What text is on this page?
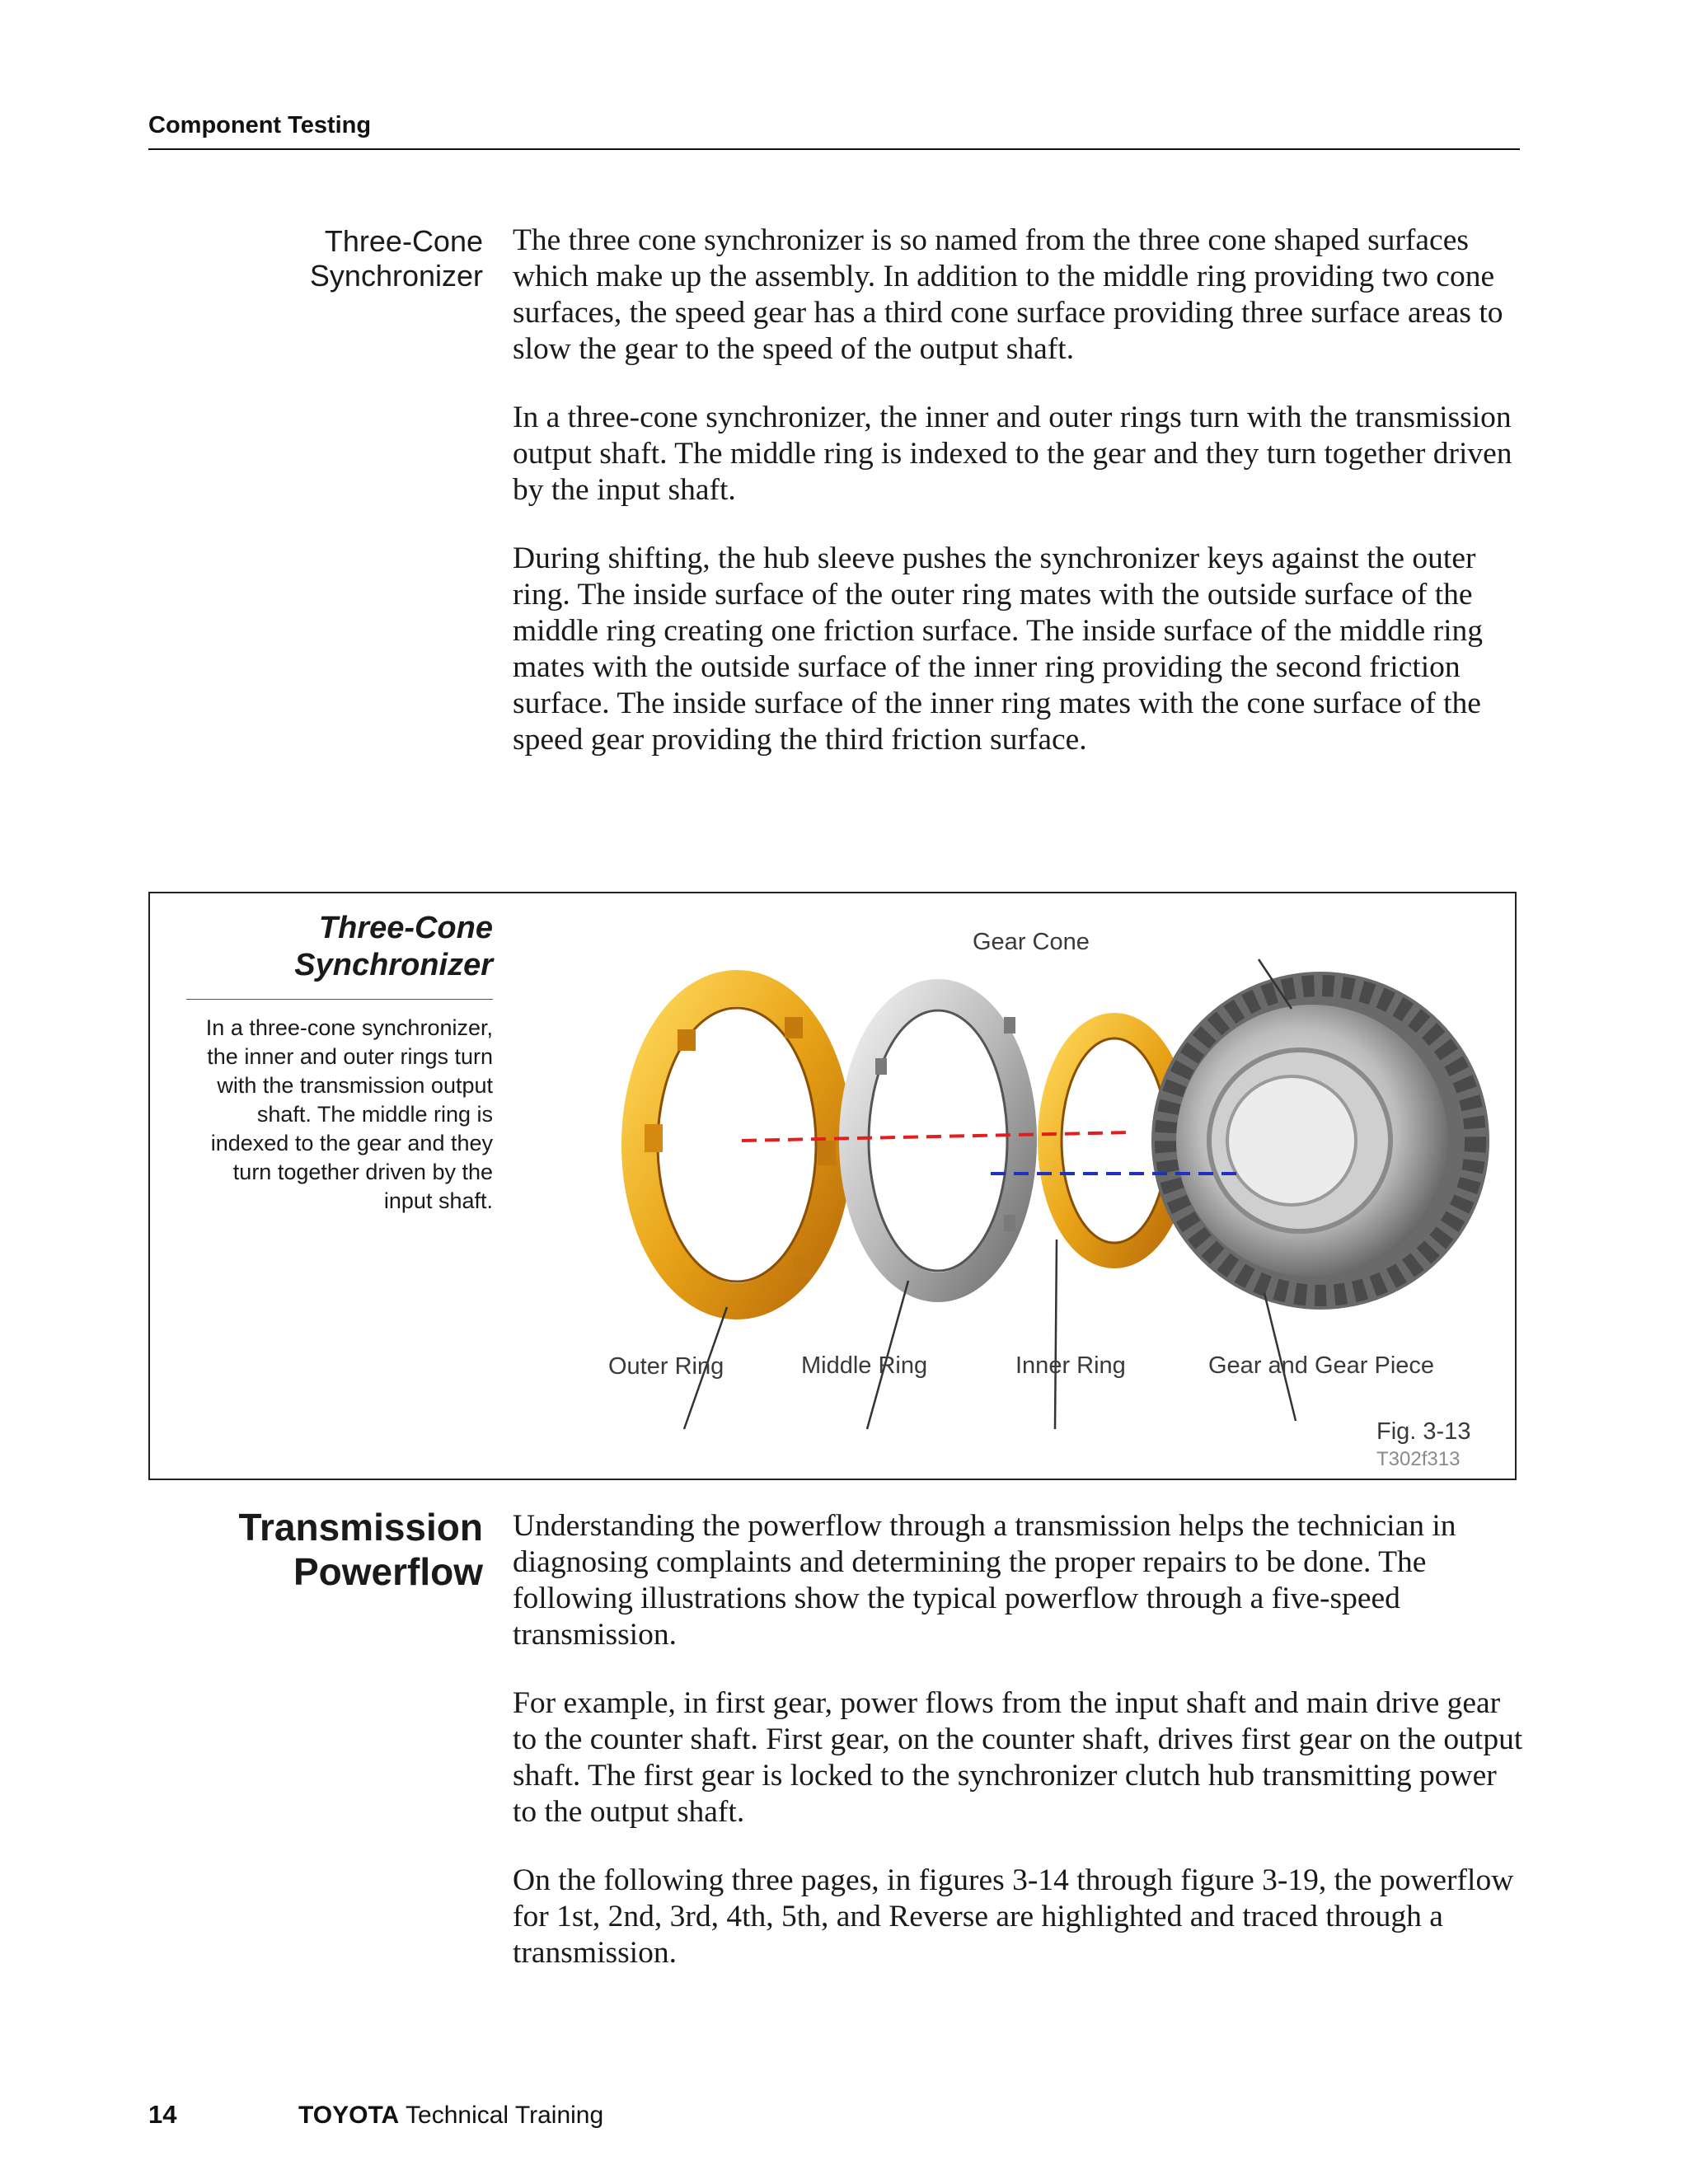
Component Testing
Three-Cone
Synchronizer

The three cone synchronizer is so named from the three cone shaped surfaces which make up the assembly. In addition to the middle ring providing two cone surfaces, the speed gear has a third cone surface providing three surface areas to slow the gear to the speed of the output shaft.

In a three-cone synchronizer, the inner and outer rings turn with the transmission output shaft. The middle ring is indexed to the gear and they turn together driven by the input shaft.

During shifting, the hub sleeve pushes the synchronizer keys against the outer ring. The inside surface of the outer ring mates with the outside surface of the middle ring creating one friction surface. The inside surface of the middle ring mates with the outside surface of the inner ring providing the second friction surface. The inside surface of the inner ring mates with the cone surface of the speed gear providing the third friction surface.

Three-Cone
Synchronizer
In a three-cone synchronizer, the inner and outer rings turn with the transmission output shaft. The middle ring is indexed to the gear and they turn together driven by the input shaft.
Gear Cone
Outer Ring	Middle Ring	Inner Ring	Gear and Gear Piece
Fig. 3-13
T302f313
Transmission
Powerflow

Understanding the powerflow through a transmission helps the technician in diagnosing complaints and determining the proper repairs to be done. The following illustrations show the typical powerflow through a five-speed transmission.

For example, in first gear, power flows from the input shaft and main drive gear to the counter shaft. First gear, on the counter shaft, drives first gear on the output shaft. The first gear is locked to the synchronizer clutch hub transmitting power to the output shaft.

On the following three pages, in figures 3-14 through figure 3-19, the powerflow for 1st, 2nd, 3rd, 4th, 5th, and Reverse are highlighted and traced through a transmission.

14	TOYOTA Technical Training
